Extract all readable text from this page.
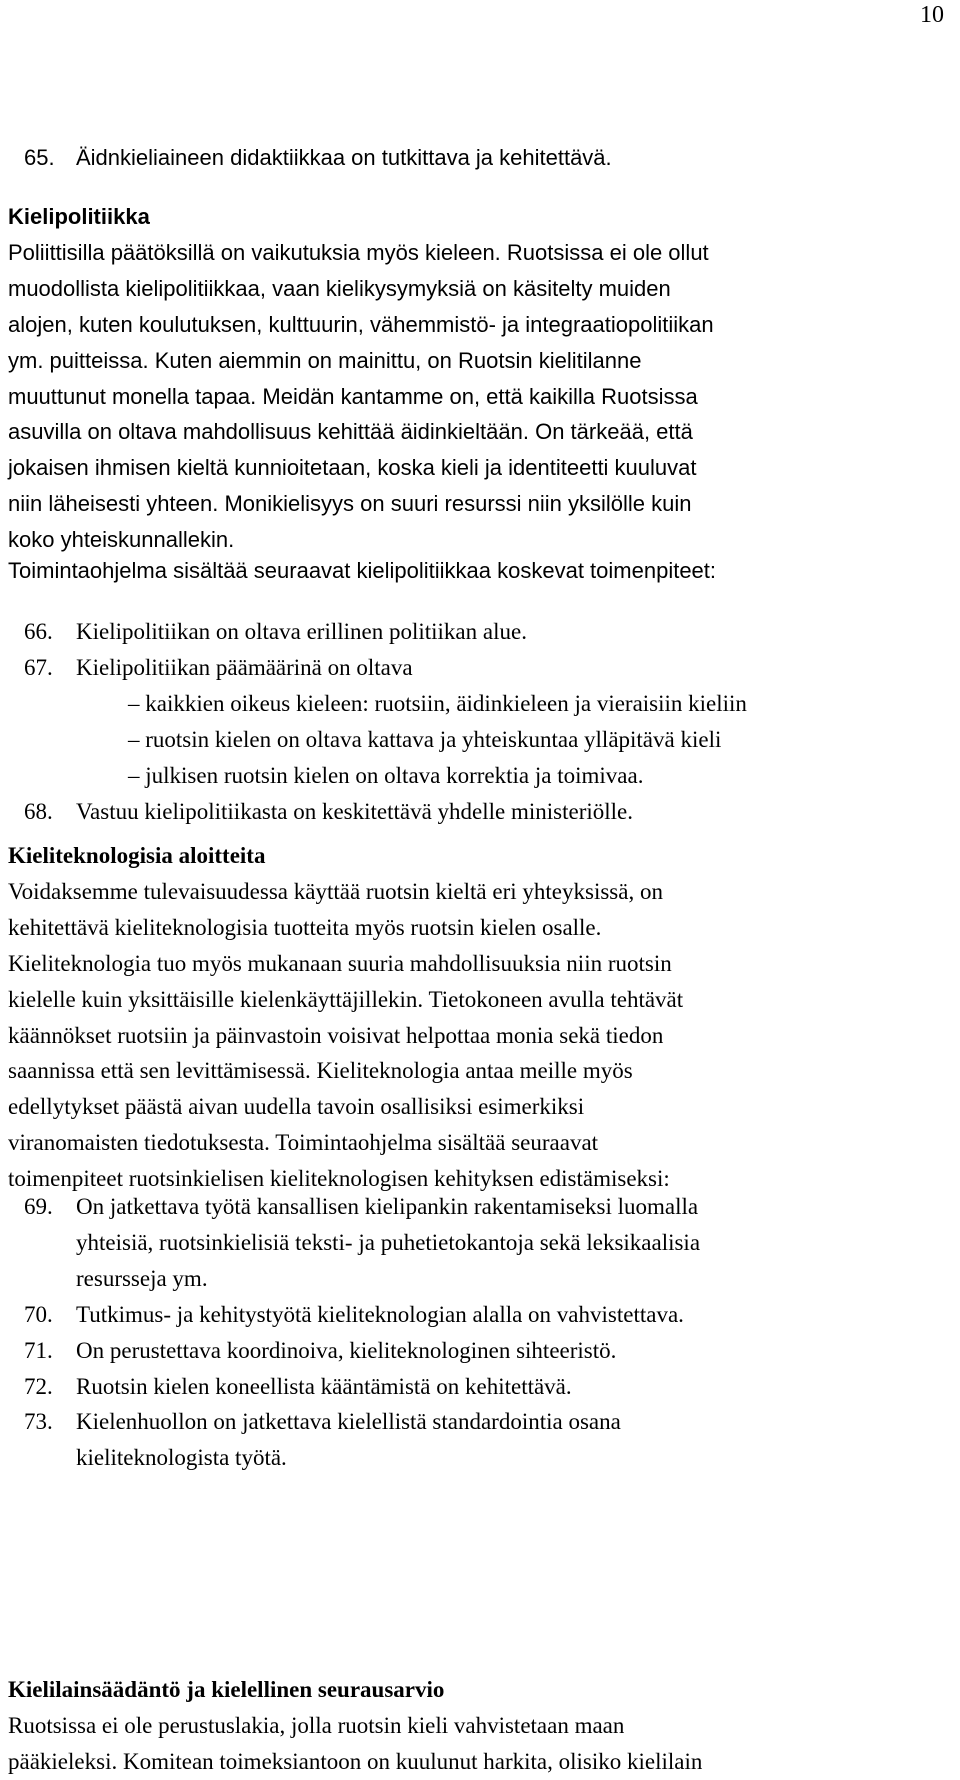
10
65. Äidnkieliaineen didaktiikkaa on tutkittava ja kehitettävä.
Kielipolitiikka
Poliittisilla päätöksillä on vaikutuksia myös kieleen. Ruotsissa ei ole ollut
muodollista kielipolitiikkaa, vaan kielikysymyksiä on käsitelty muiden
alojen, kuten koulutuksen, kulttuurin, vähemmistö- ja integraatiopolitiikan
ym. puitteissa. Kuten aiemmin on mainittu, on Ruotsin kielitilanne
muuttunut monella tapaa. Meidän kantamme on, että kaikilla Ruotsissa
asuvilla on oltava mahdollisuus kehittää äidinkieltään. On tärkeää, että
jokaisen ihmisen kieltä kunnioitetaan, koska kieli ja identiteetti kuuluvat
niin läheisesti yhteen. Monikielisyys on suuri resurssi niin yksilölle kuin
koko yhteiskunnallekin.
Toimintaohjelma sisältää seuraavat kielipolitiikkaa koskevat toimenpiteet:
66. Kielipolitiikan on oltava erillinen politiikan alue.
67. Kielipolitiikan päämäärinä on oltava
– kaikkien oikeus kieleen: ruotsiin, äidinkieleen ja vieraisiin kieliin
– ruotsin kielen on oltava kattava ja yhteiskuntaa ylläpitävä kieli
– julkisen ruotsin kielen on oltava korrektia ja toimivaa.
68. Vastuu kielipolitiikasta on keskitettävä yhdelle ministeriölle.
Kieliteknologisia aloitteita
Voidaksemme tulevaisuudessa käyttää ruotsin kieltä eri yhteyksissä, on
kehitettävä kieliteknologisia tuotteita myös ruotsin kielen osalle.
Kieliteknologia tuo myös mukanaan suuria mahdollisuuksia niin ruotsin
kielelle kuin yksittäisille kielenkäyttäjillekin. Tietokoneen avulla tehtävät
käännökset ruotsiin ja päinvastoin voisivat helpottaa monia sekä tiedon
saannissa että sen levittämisessä. Kieliteknologia antaa meille myös
edellytykset päästä aivan uudella tavoin osallisiksi esimerkiksi
viranomaisten tiedotuksesta. Toimintaohjelma sisältää seuraavat
toimenpiteet ruotsinkielisen kieliteknologisen kehityksen edistämiseksi:
69. On jatkettava työtä kansallisen kielipankin rakentamiseksi luomalla
yhteisiä, ruotsinkielisiä teksti- ja puhetietokantoja sekä leksikaalisia
resursseja ym.
70. Tutkimus- ja kehitystyötä kieliteknologian alalla on vahvistettava.
71. On perustettava koordinoiva, kieliteknologinen sihteeristö.
72. Ruotsin kielen koneellista kääntämistä on kehitettävä.
73. Kielenhuollon on jatkettava kielellistä standardointia osana
kieliteknologista työtä.
Kielilainsäädäntö ja kielellinen seurausarvio
Ruotsissa ei ole perustuslakia, jolla ruotsin kieli vahvistetaan maan
pääkieleksi. Komitean toimeksiantoon on kuulunut harkita, olisiko kielilain
